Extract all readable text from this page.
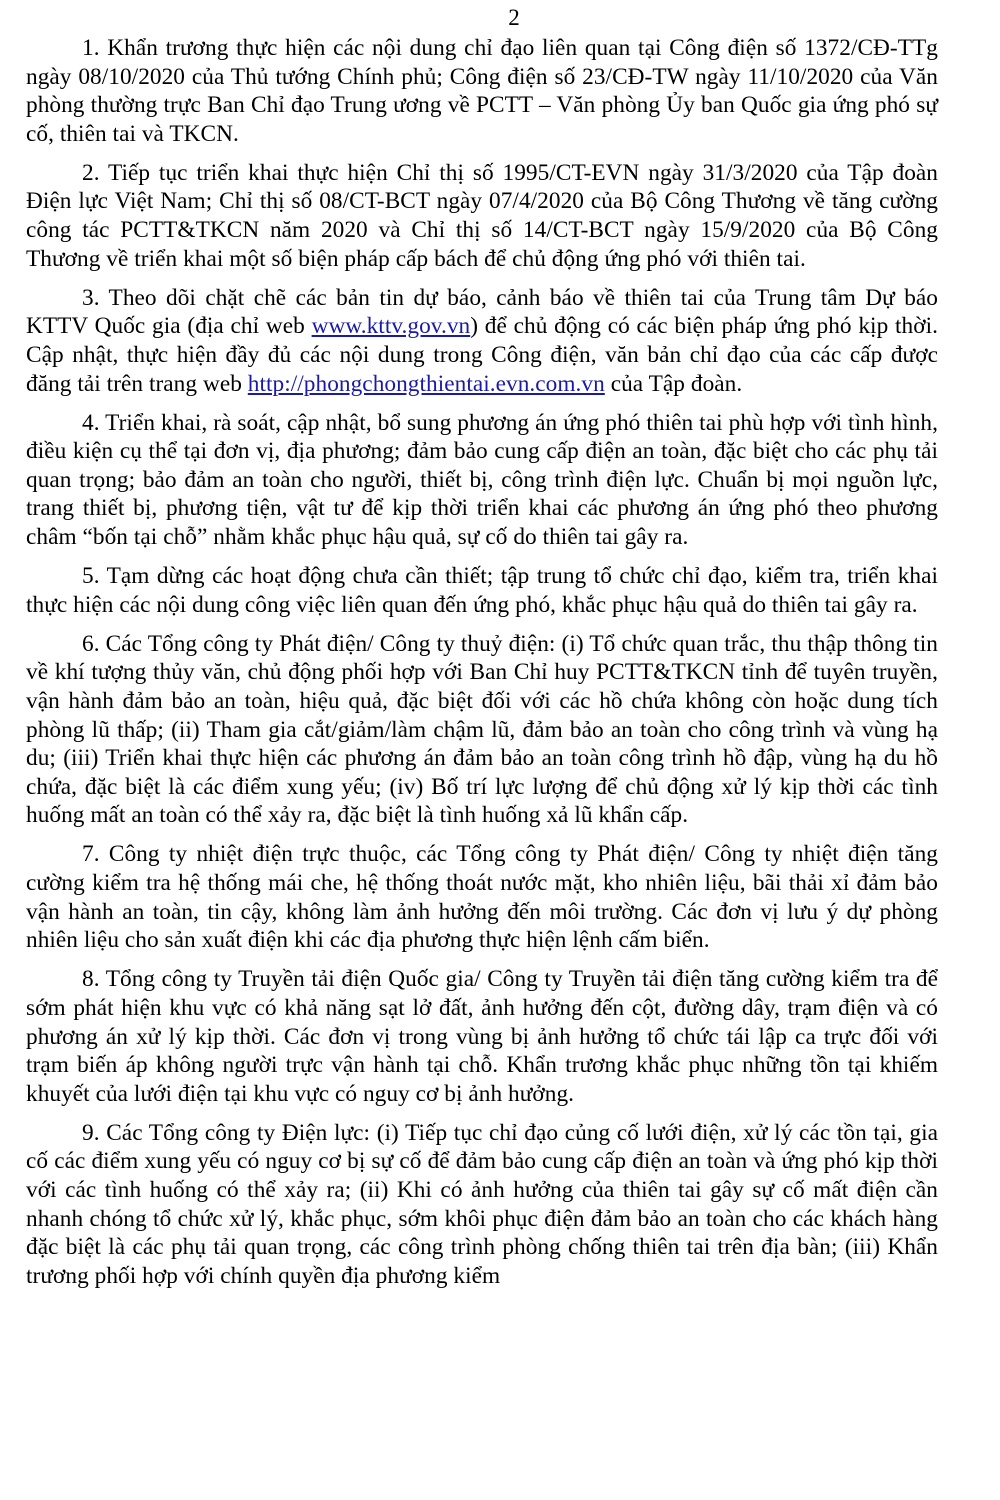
2

1. Khẩn trương thực hiện các nội dung chỉ đạo liên quan tại Công điện số 1372/CĐ-TTg ngày 08/10/2020 của Thủ tướng Chính phủ; Công điện số 23/CĐ-TW ngày 11/10/2020 của Văn phòng thường trực Ban Chỉ đạo Trung ương về PCTT – Văn phòng Ủy ban Quốc gia ứng phó sự cố, thiên tai và TKCN.

2. Tiếp tục triển khai thực hiện Chỉ thị số 1995/CT-EVN ngày 31/3/2020 của Tập đoàn Điện lực Việt Nam; Chỉ thị số 08/CT-BCT ngày 07/4/2020 của Bộ Công Thương về tăng cường công tác PCTT&TKCN năm 2020 và Chỉ thị số 14/CT-BCT ngày 15/9/2020 của Bộ Công Thương về triển khai một số biện pháp cấp bách để chủ động ứng phó với thiên tai.

3. Theo dõi chặt chẽ các bản tin dự báo, cảnh báo về thiên tai của Trung tâm Dự báo KTTV Quốc gia (địa chỉ web www.kttv.gov.vn) để chủ động có các biện pháp ứng phó kịp thời. Cập nhật, thực hiện đầy đủ các nội dung trong Công điện, văn bản chỉ đạo của các cấp được đăng tải trên trang web http://phongchongthientai.evn.com.vn của Tập đoàn.

4. Triển khai, rà soát, cập nhật, bổ sung phương án ứng phó thiên tai phù hợp với tình hình, điều kiện cụ thể tại đơn vị, địa phương; đảm bảo cung cấp điện an toàn, đặc biệt cho các phụ tải quan trọng; bảo đảm an toàn cho người, thiết bị, công trình điện lực. Chuẩn bị mọi nguồn lực, trang thiết bị, phương tiện, vật tư để kịp thời triển khai các phương án ứng phó theo phương châm “bốn tại chỗ” nhằm khắc phục hậu quả, sự cố do thiên tai gây ra.

5. Tạm dừng các hoạt động chưa cần thiết; tập trung tổ chức chỉ đạo, kiểm tra, triển khai thực hiện các nội dung công việc liên quan đến ứng phó, khắc phục hậu quả do thiên tai gây ra.

6. Các Tổng công ty Phát điện/ Công ty thuỷ điện: (i) Tổ chức quan trắc, thu thập thông tin về khí tượng thủy văn, chủ động phối hợp với Ban Chỉ huy PCTT&TKCN tỉnh để tuyên truyền, vận hành đảm bảo an toàn, hiệu quả, đặc biệt đối với các hồ chứa không còn hoặc dung tích phòng lũ thấp; (ii) Tham gia cắt/giảm/làm chậm lũ, đảm bảo an toàn cho công trình và vùng hạ du; (iii) Triển khai thực hiện các phương án đảm bảo an toàn công trình hồ đập, vùng hạ du hồ chứa, đặc biệt là các điểm xung yếu; (iv) Bố trí lực lượng để chủ động xử lý kịp thời các tình huống mất an toàn có thể xảy ra, đặc biệt là tình huống xả lũ khẩn cấp.

7. Công ty nhiệt điện trực thuộc, các Tổng công ty Phát điện/ Công ty nhiệt điện tăng cường kiểm tra hệ thống mái che, hệ thống thoát nước mặt, kho nhiên liệu, bãi thải xỉ đảm bảo vận hành an toàn, tin cậy, không làm ảnh hưởng đến môi trường. Các đơn vị lưu ý dự phòng nhiên liệu cho sản xuất điện khi các địa phương thực hiện lệnh cấm biển.

8. Tổng công ty Truyền tải điện Quốc gia/ Công ty Truyền tải điện tăng cường kiểm tra để sớm phát hiện khu vực có khả năng sạt lở đất, ảnh hưởng đến cột, đường dây, trạm điện và có phương án xử lý kịp thời. Các đơn vị trong vùng bị ảnh hưởng tổ chức tái lập ca trực đối với trạm biến áp không người trực vận hành tại chỗ. Khẩn trương khắc phục những tồn tại khiếm khuyết của lưới điện tại khu vực có nguy cơ bị ảnh hưởng.

9. Các Tổng công ty Điện lực: (i) Tiếp tục chỉ đạo củng cố lưới điện, xử lý các tồn tại, gia cố các điểm xung yếu có nguy cơ bị sự cố để đảm bảo cung cấp điện an toàn và ứng phó kịp thời với các tình huống có thể xảy ra; (ii) Khi có ảnh hưởng của thiên tai gây sự cố mất điện cần nhanh chóng tổ chức xử lý, khắc phục, sớm khôi phục điện đảm bảo an toàn cho các khách hàng đặc biệt là các phụ tải quan trọng, các công trình phòng chống thiên tai trên địa bàn; (iii) Khẩn trương phối hợp với chính quyền địa phương kiểm
